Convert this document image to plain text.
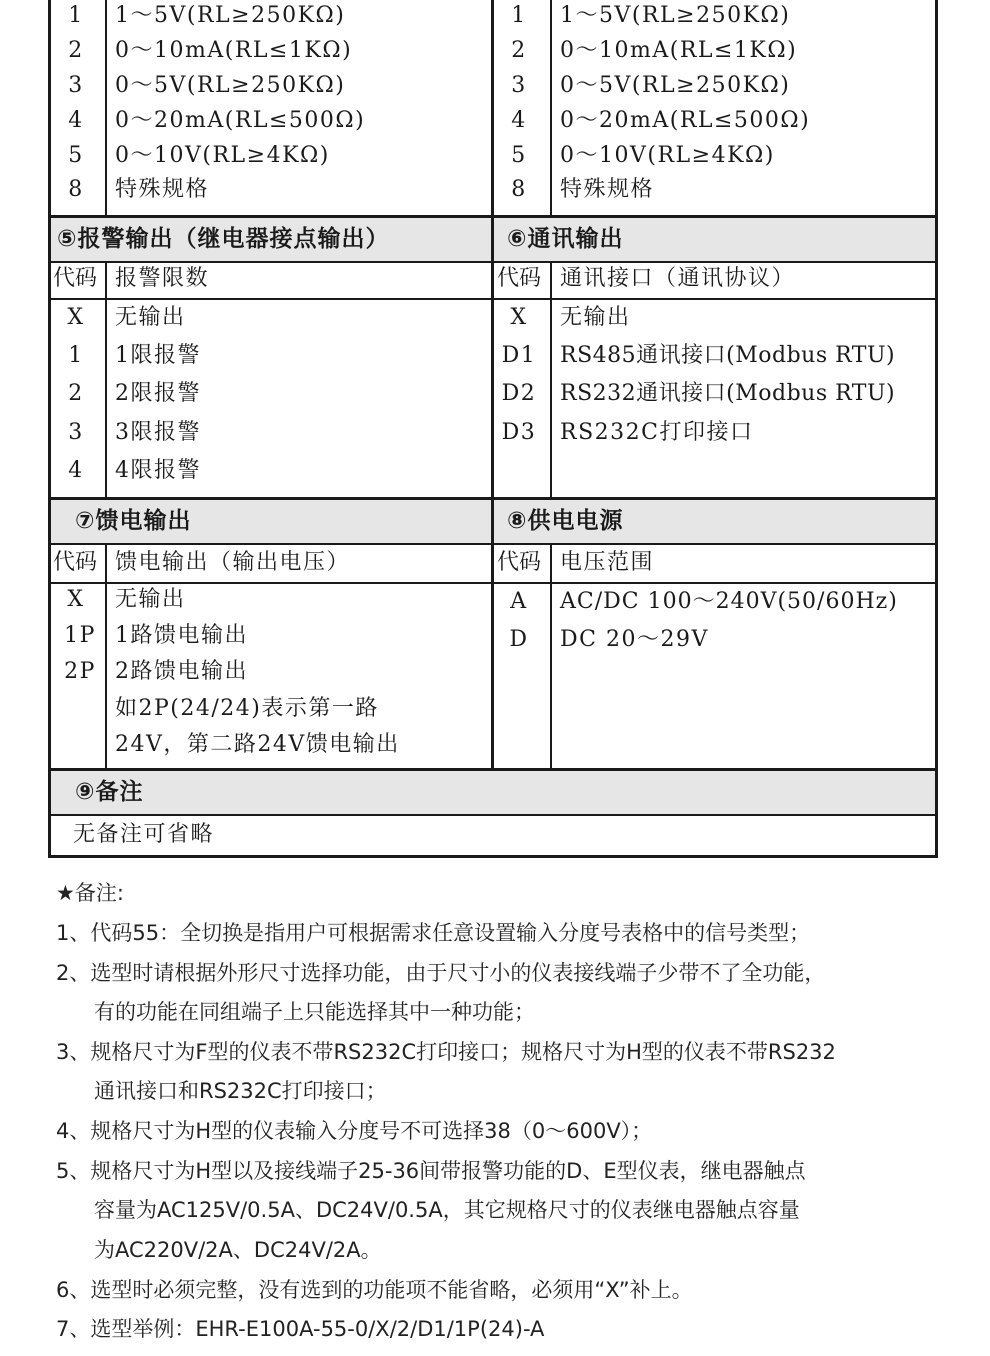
1	1～5V(RL≥250KΩ)
2	0～10mA(RL≤1KΩ)
3	0～5V(RL≥250KΩ)
4	0～20mA(RL≤500Ω)
5	0～10V(RL≥4KΩ)
8	特殊规格
1	1～5V(RL≥250KΩ)
2	0～10mA(RL≤1KΩ)
3	0～5V(RL≥250KΩ)
4	0～20mA(RL≤500Ω)
5	0～10V(RL≥4KΩ)
8	特殊规格
⑤报警输出（继电器接点输出）
代码 报警限数
X	无输出
1	1限报警
2	2限报警
3	3限报警
4	4限报警
⑥通讯输出
代码 通讯接口（通讯协议）
X	无输出
D1	RS485通讯接口(Modbus RTU)
D2	RS232通讯接口(Modbus RTU)
D3	RS232C打印接口
⑦馈电输出
代码 馈电输出（输出电压）
X	无输出
1P 1路馈电输出
2P 2路馈电输出
如2P(24/24)表示第一路
24V，第二路24V馈电输出
⑧供电电源
代码 电压范围
A	AC/DC 100～240V(50/60Hz)
D	DC 20～29V
⑨备注
无备注可省略
★备注:
1、代码55：全切换是指用户可根据需求任意设置输入分度号表格中的信号类型；
2、选型时请根据外形尺寸选择功能，由于尺寸小的仪表接线端子少带不了全功能，
有的功能在同组端子上只能选择其中一种功能；
3、规格尺寸为F型的仪表不带RS232C打印接口；规格尺寸为H型的仪表不带RS232
通讯接口和RS232C打印接口；
4、规格尺寸为H型的仪表输入分度号不可选择38（0～600V）；
5、规格尺寸为H型以及接线端子25-36间带报警功能的D、E型仪表，继电器触点
容量为AC125V/0.5A、DC24V/0.5A，其它规格尺寸的仪表继电器触点容量
为AC220V/2A、DC24V/2A。
6、选型时必须完整，没有选到的功能项不能省略，必须用“X”补上。
7、选型举例：EHR-E100A-55-0/X/2/D1/1P(24)-A
